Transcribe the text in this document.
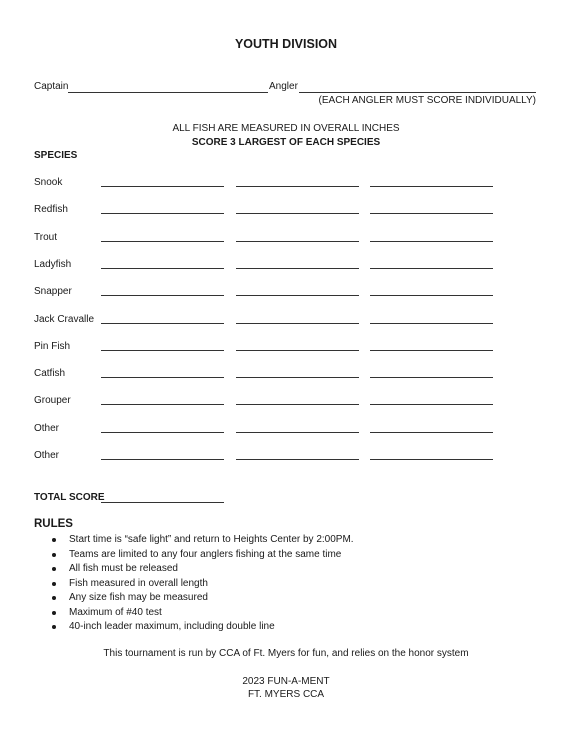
YOUTH DIVISION
Captain	Angler
(EACH ANGLER MUST SCORE INDIVIDUALLY)
ALL FISH ARE MEASURED IN OVERALL INCHES
SCORE 3 LARGEST OF EACH SPECIES
SPECIES
Snook
Redfish
Trout
Ladyfish
Snapper
Jack Cravalle
Pin Fish
Catfish
Grouper
Other
Other
TOTAL SCORE
RULES
Start time is “safe light” and return to Heights Center by 2:00PM.
Teams are limited to any four anglers fishing at the same time
All fish must be released
Fish measured in overall length
Any size fish may be measured
Maximum of #40 test
40-inch leader maximum, including double line
This tournament is run by CCA of Ft. Myers for fun, and relies on the honor system
2023 FUN-A-MENT
FT. MYERS CCA
